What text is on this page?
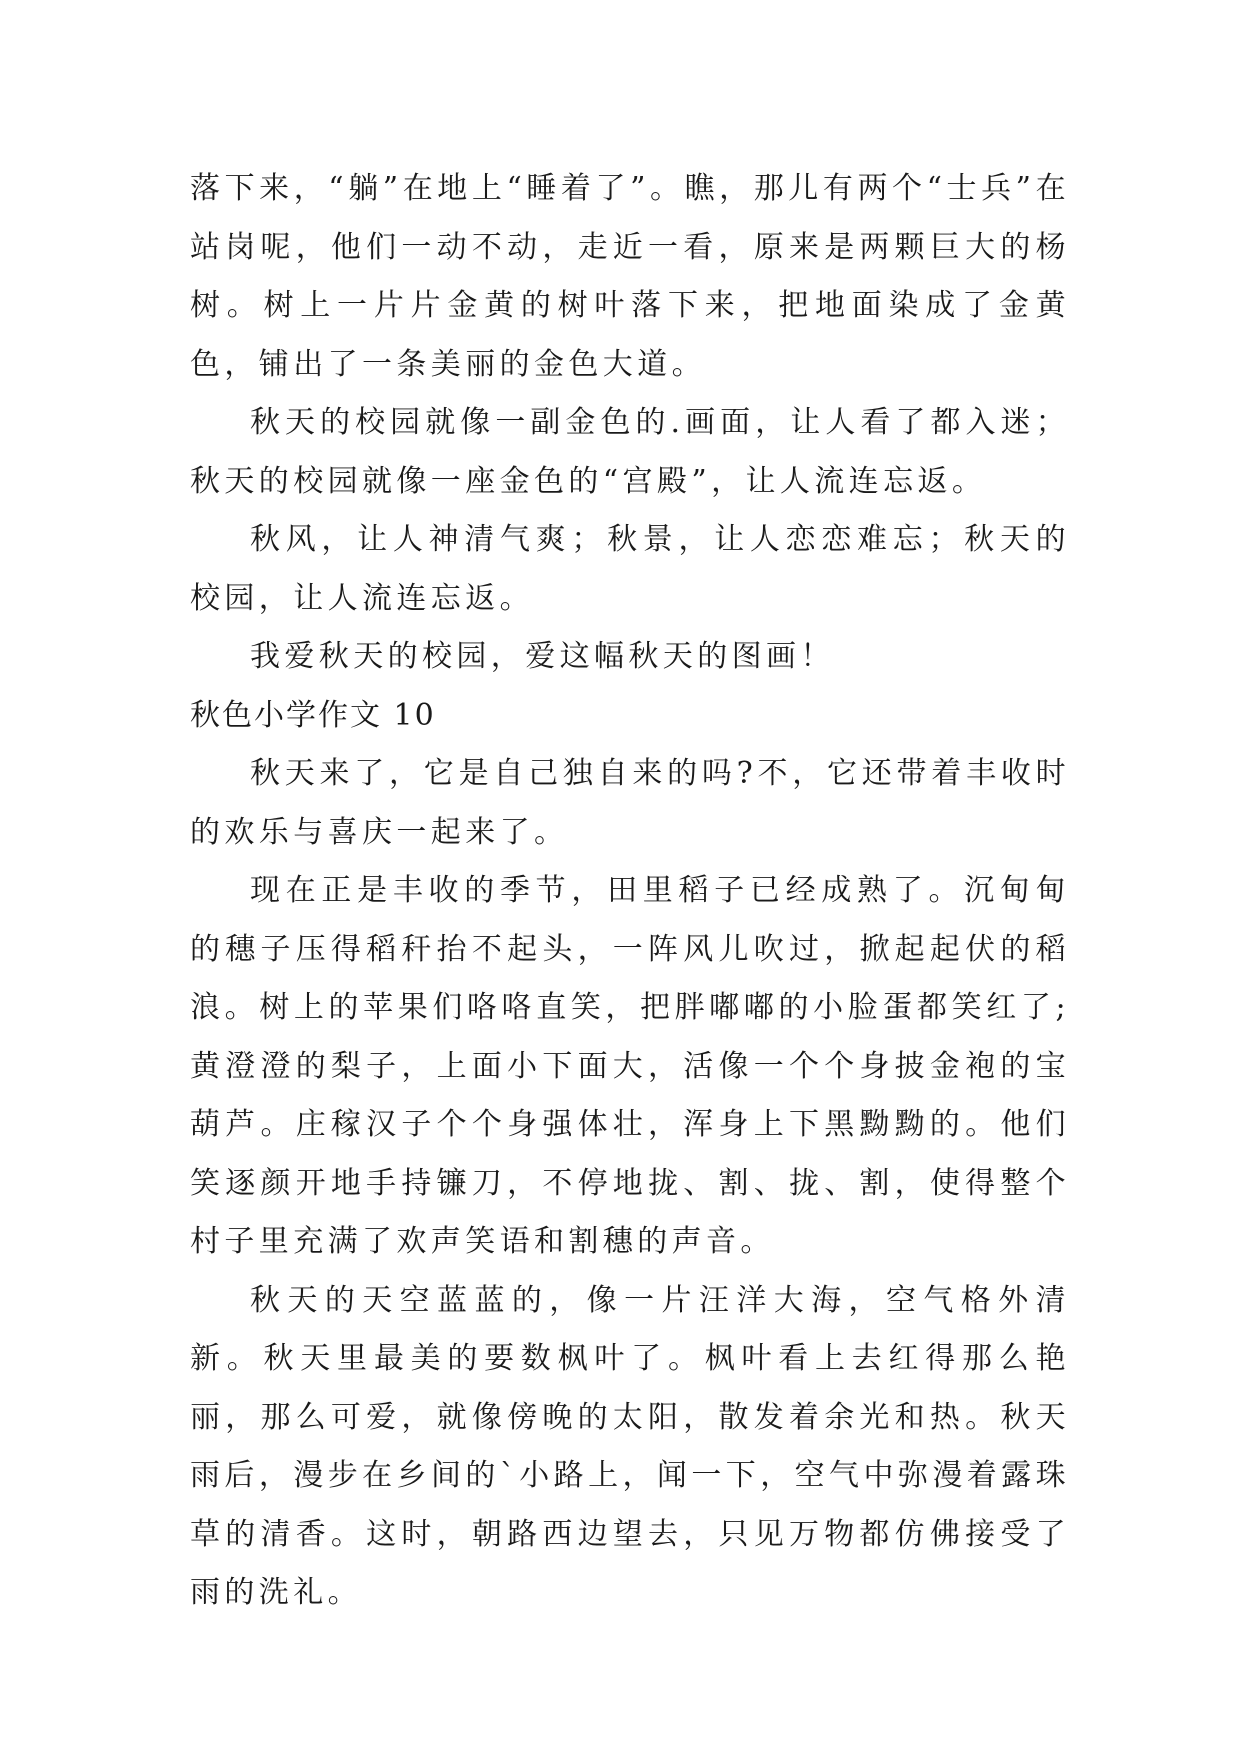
落下来，“躺”在地上“睡着了”。瞧，那儿有两个“士兵”在站岗呢，他们一动不动，走近一看，原来是两颗巨大的杨树。树上一片片金黄的树叶落下来，把地面染成了金黄色，铺出了一条美丽的金色大道。

秋天的校园就像一副金色的.画面，让人看了都入迷；秋天的校园就像一座金色的“宫殿”，让人流连忘返。

秋风，让人神清气爽；秋景，让人恋恋难忘；秋天的校园，让人流连忘返。

我爱秋天的校园，爱这幅秋天的图画！

秋色小学作文 10

秋天来了，它是自己独自来的吗?不，它还带着丰收时的欢乐与喜庆一起来了。

现在正是丰收的季节，田里稻子已经成熟了。沉甸甸的穗子压得稻秆抬不起头，一阵风儿吹过，掀起起伏的稻浪。树上的苹果们咯咯直笑，把胖嘟嘟的小脸蛋都笑红了;黄澄澄的梨子，上面小下面大，活像一个个身披金袍的宝葫芦。庄稼汉子个个身强体壮，浑身上下黑黝黝的。他们笑逐颜开地手持镰刀，不停地拢、割、拢、割，使得整个村子里充满了欢声笑语和割穗的声音。

秋天的天空蓝蓝的，像一片汪洋大海，空气格外清新。秋天里最美的要数枫叶了。枫叶看上去红得那么艳丽，那么可爱，就像傍晚的太阳，散发着余光和热。秋天雨后，漫步在乡间的`小路上，闻一下，空气中弥漫着露珠草的清香。这时，朝路西边望去，只见万物都仿佛接受了雨的洗礼。
